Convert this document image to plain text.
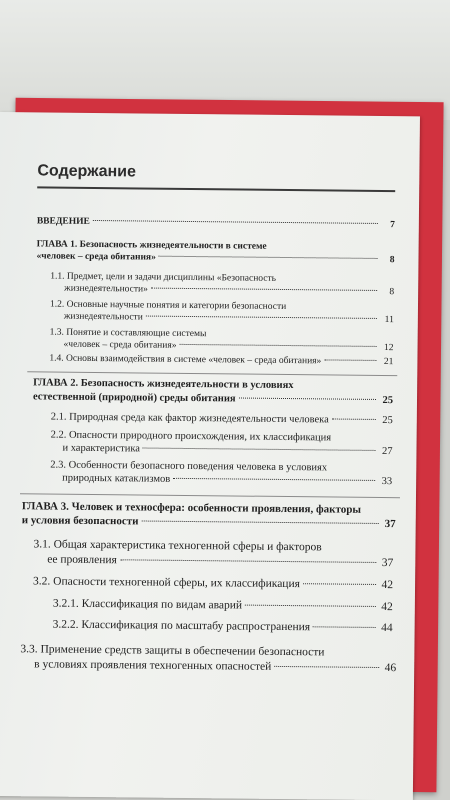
Содержание
ВВЕДЕНИЕ	7
ГЛАВА 1. Безопасность жизнедеятельности в системе
«человек – среда обитания»	8
1.1. Предмет, цели и задачи дисциплины «Безопасность
жизнедеятельности»	8
1.2. Основные научные понятия и категории безопасности
жизнедеятельности	11
1.3. Понятие и составляющие системы
«человек – среда обитания»	12
1.4. Основы взаимодействия в системе «человек – среда обитания»	21
ГЛАВА 2. Безопасность жизнедеятельности в условиях
естественной (природной) среды обитания	25
2.1. Природная среда как фактор жизнедеятельности человека	25
2.2. Опасности природного происхождения, их классификация
и характеристика	27
2.3. Особенности безопасного поведения человека в условиях
природных катаклизмов	33
ГЛАВА 3. Человек и техносфера: особенности проявления, факторы
и условия безопасности	37
3.1. Общая характеристика техногенной сферы и факторов
ее проявления	37
3.2. Опасности техногенной сферы, их классификация	42
3.2.1. Классификация по видам аварий	42
3.2.2. Классификация по масштабу распространения	44
3.3. Применение средств защиты в обеспечении безопасности
в условиях проявления техногенных опасностей	46
